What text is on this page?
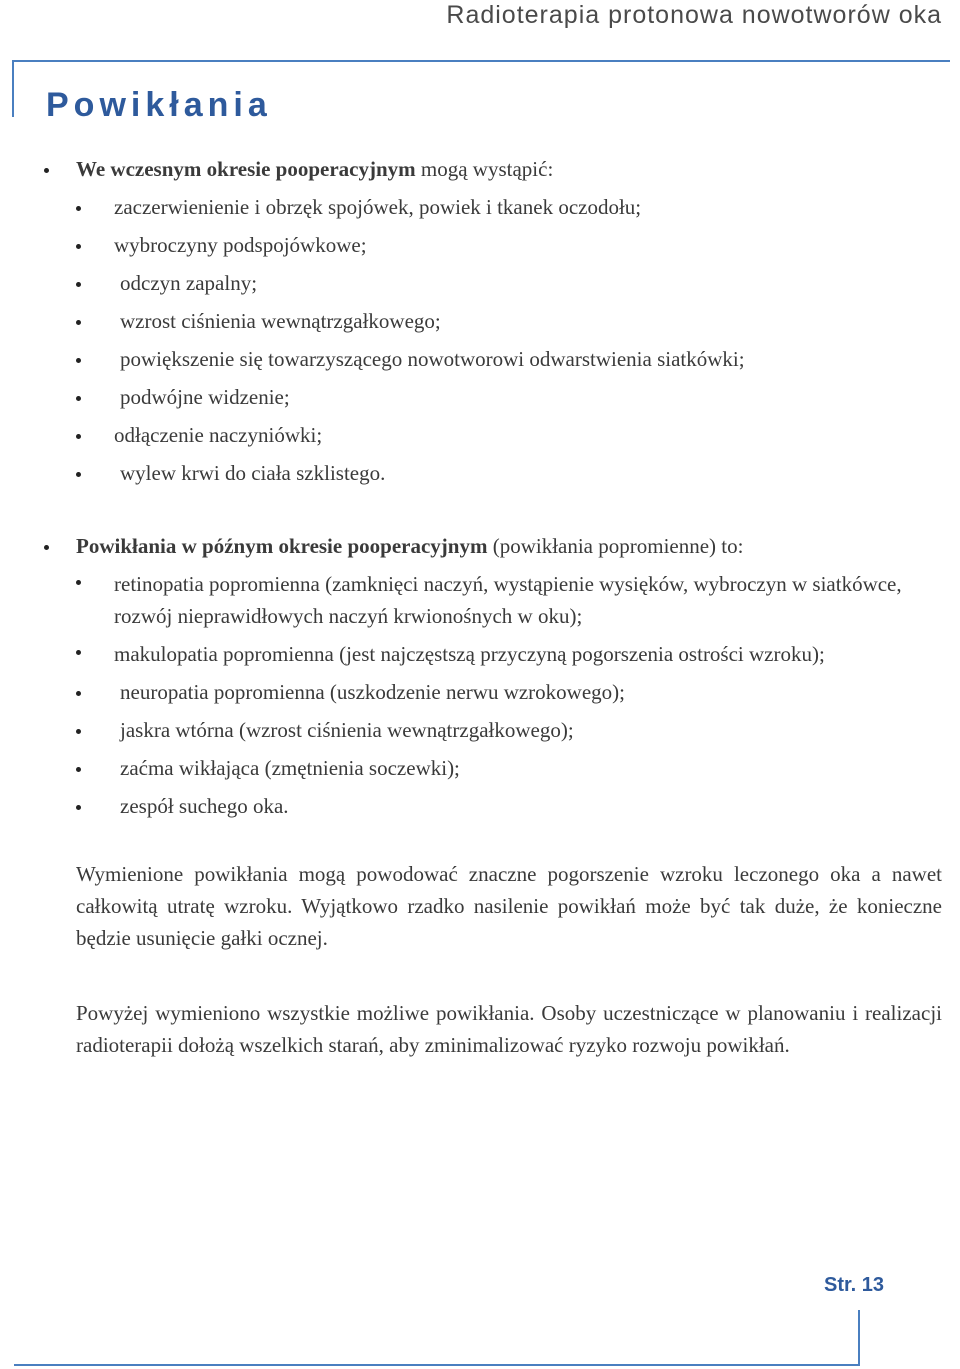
Radioterapia protonowa nowotworów oka
Powikłania
We wczesnym okresie pooperacyjnym mogą wystąpić:
zaczerwienienie i obrzęk spojówek, powiek i tkanek oczodołu;
wybroczyny podspojówkowe;
odczyn zapalny;
wzrost ciśnienia wewnątrzgałkowego;
powiększenie się towarzyszącego nowotworowi odwarstwienia siatkówki;
podwójne widzenie;
odłączenie naczyniówki;
wylew krwi do ciała szklistego.
Powikłania w późnym okresie pooperacyjnym (powikłania popromienne) to:
retinopatia popromienna (zamknięci naczyń, wystąpienie wysięków, wybroczyn w siatkówce, rozwój nieprawidłowych naczyń krwionośnych w oku);
makulopatia popromienna (jest najczęstszą przyczyną pogorszenia ostrości wzroku);
neuropatia popromienna (uszkodzenie nerwu wzrokowego);
jaskra wtórna (wzrost ciśnienia wewnątrzgałkowego);
zaćma wikłająca (zmętnienia soczewki);
zespół suchego oka.

Wymienione powikłania mogą powodować znaczne pogorszenie wzroku leczonego oka a nawet całkowitą utratę wzroku. Wyjątkowo rzadko nasilenie powikłań może być tak duże, że konieczne będzie usunięcie gałki ocznej.

Powyżej wymieniono wszystkie możliwe powikłania. Osoby uczestniczące w planowaniu i realizacji radioterapii dołożą wszelkich starań, aby zminimalizować ryzyko rozwoju powikłań.

Str. 13
